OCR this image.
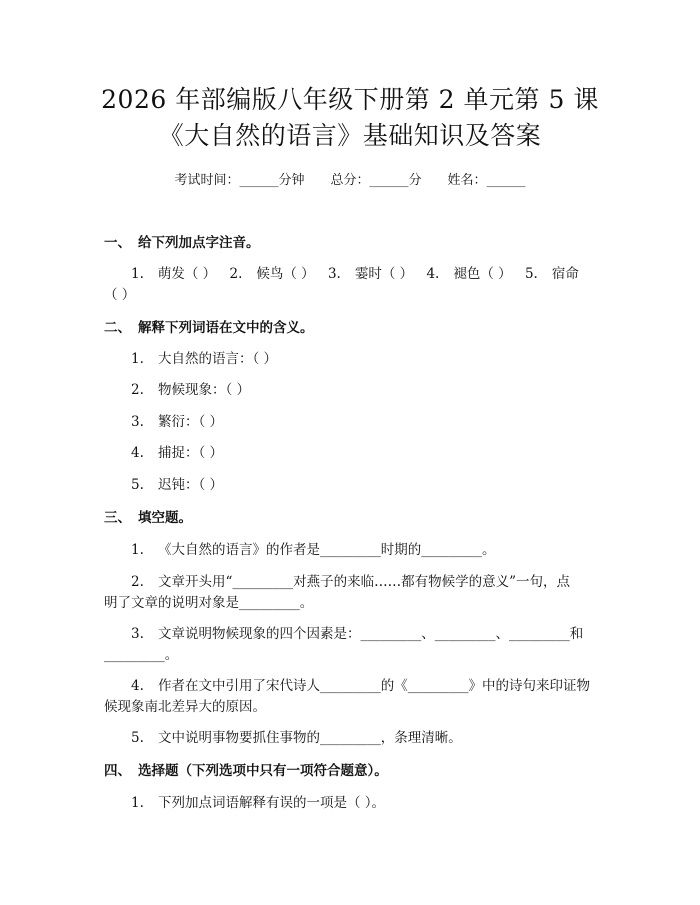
2026 年部编版八年级下册第 2 单元第 5 课
《大自然的语言》基础知识及答案
考试时间：______分钟 总分：______分 姓名：______
一、 给下列加点字注音。
1. 萌发（ ） 2. 候鸟（ ） 3. 霎时（ ） 4. 褪色（ ） 5. 宿命
（ ）
二、 解释下列词语在文中的含义。
1. 大自然的语言：（ ）
2. 物候现象：（ ）
3. 繁衍：（ ）
4. 捕捉：（ ）
5. 迟钝：（ ）
三、 填空题。
1. 《大自然的语言》的作者是_________时期的_________。
2. 文章开头用“_________对燕子的来临……都有物候学的意义”一句，点
明了文章的说明对象是_________。
3. 文章说明物候现象的四个因素是：_________、_________、_________和
_________。
4. 作者在文中引用了宋代诗人_________的《_________》中的诗句来印证物
候现象南北差异大的原因。
5. 文中说明事物要抓住事物的_________，条理清晰。
四、 选择题（下列选项中只有一项符合题意）。
1. 下列加点词语解释有误的一项是（ ）。
